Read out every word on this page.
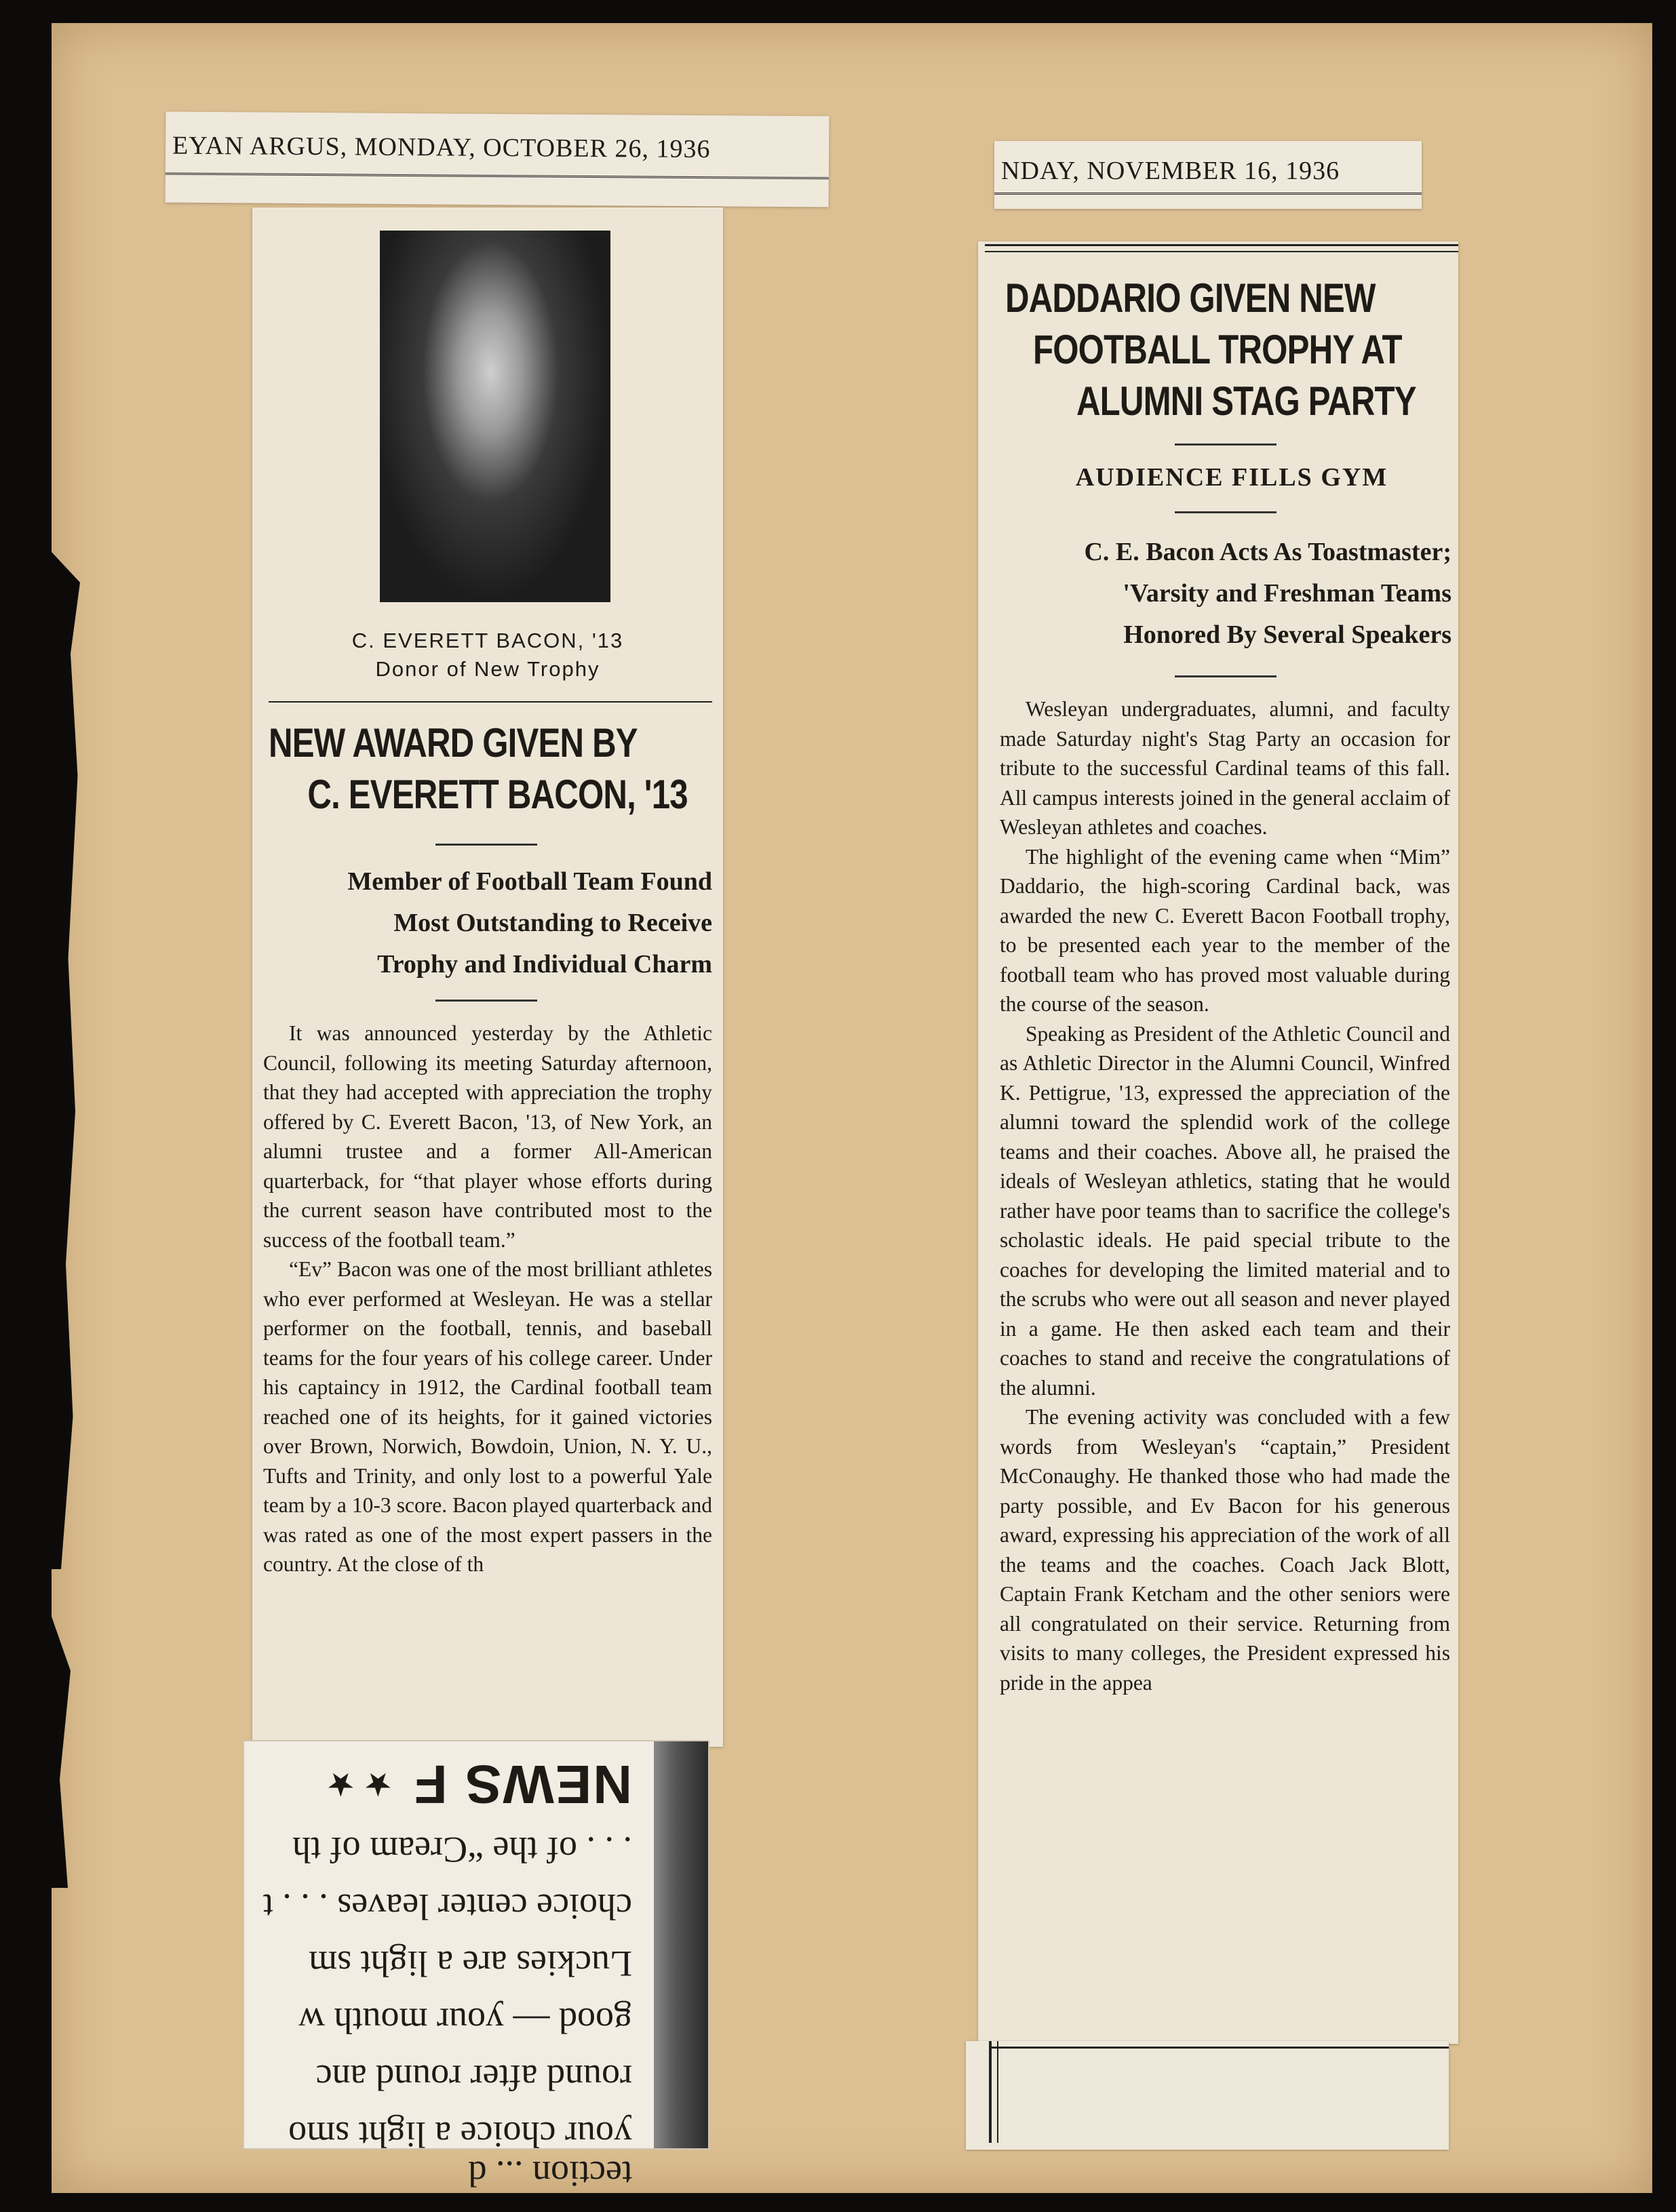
EYAN ARGUS, MONDAY, OCTOBER 26, 1936
NDAY, NOVEMBER 16, 1936
C. EVERETT BACON, '13
Donor of New Trophy
NEW AWARD GIVEN BY
C. EVERETT BACON, '13
Member of Football Team Found
Most Outstanding to Receive
Trophy and Individual Charm

It was announced yesterday by the Athletic Council, following its meeting Saturday afternoon, that they had accepted with appreciation the trophy offered by C. Everett Bacon, '13, of New York, an alumni trustee and a former All-American quarterback, for “that player whose efforts during the current season have contributed most to the success of the football team.”

“Ev” Bacon was one of the most brilliant athletes who ever performed at Wesleyan. He was a stellar performer on the football, tennis, and baseball teams for the four years of his college career. Under his captaincy in 1912, the Cardinal football team reached one of its heights, for it gained victories over Brown, Norwich, Bowdoin, Union, N. Y. U., Tufts and Trinity, and only lost to a powerful Yale team by a 10-3 score. Bacon played quarterback and was rated as one of the most expert passers in the country. At the close of th

tection ... d
your choice a light smo
round after round anc
good — your mouth w
Luckies are a light sm
choice center leaves . . . t
. . . of the “Cream of th
NEWS F
★ ★
DADDARIO GIVEN NEW
FOOTBALL TROPHY AT
ALUMNI STAG PARTY
AUDIENCE FILLS GYM
C. E. Bacon Acts As Toastmaster;
'Varsity and Freshman Teams
Honored By Several Speakers

Wesleyan undergraduates, alumni, and faculty made Saturday night's Stag Party an occasion for tribute to the successful Cardinal teams of this fall. All campus interests joined in the general acclaim of Wesleyan athletes and coaches.

The highlight of the evening came when “Mim” Daddario, the high-scoring Cardinal back, was awarded the new C. Everett Bacon Football trophy, to be presented each year to the member of the football team who has proved most valuable during the course of the season.

Speaking as President of the Athletic Council and as Athletic Director in the Alumni Council, Winfred K. Pettigrue, '13, expressed the appreciation of the alumni toward the splendid work of the college teams and their coaches. Above all, he praised the ideals of Wesleyan athletics, stating that he would rather have poor teams than to sacrifice the college's scholastic ideals. He paid special tribute to the coaches for developing the limited material and to the scrubs who were out all season and never played in a game. He then asked each team and their coaches to stand and receive the congratulations of the alumni.

The evening activity was concluded with a few words from Wesleyan's “captain,” President McConaughy. He thanked those who had made the party possible, and Ev Bacon for his generous award, expressing his appreciation of the work of all the teams and the coaches. Coach Jack Blott, Captain Frank Ketcham and the other seniors were all congratulated on their service. Returning from visits to many colleges, the President expressed his pride in the appea
